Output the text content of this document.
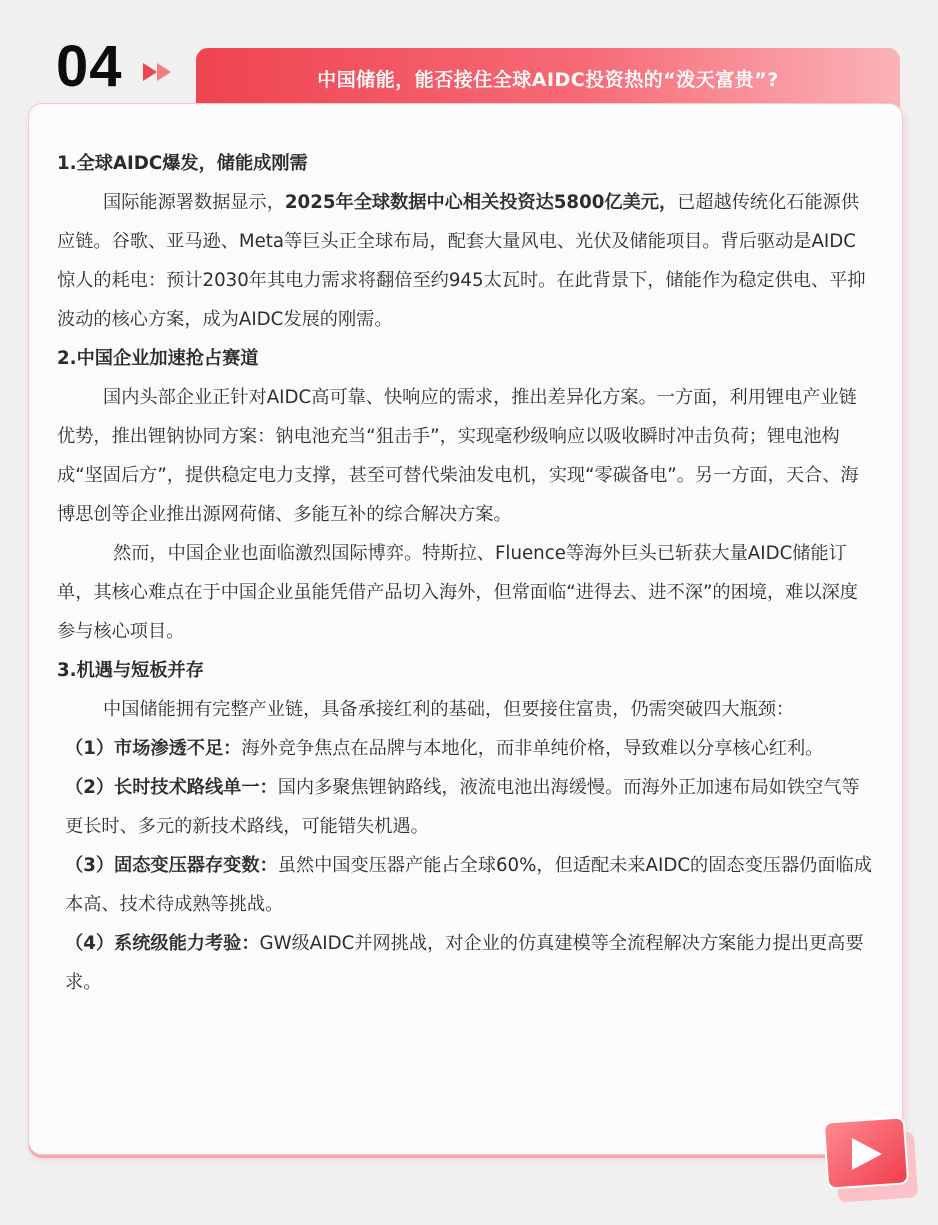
04	中国储能，能否接住全球AIDC投资热的“泼天富贵”?

1.全球AIDC爆发，储能成刚需

国际能源署数据显示，2025年全球数据中心相关投资达5800亿美元，已超越传统化石能源供应链。谷歌、亚马逊、Meta等巨头正全球布局，配套大量风电、光伏及储能项目。背后驱动是AIDC惊人的耗电：预计2030年其电力需求将翻倍至约945太瓦时。在此背景下，储能作为稳定供电、平抑波动的核心方案，成为AIDC发展的刚需。

2.中国企业加速抢占赛道

国内头部企业正针对AIDC高可靠、快响应的需求，推出差异化方案。一方面，利用锂电产业链优势，推出锂钠协同方案：钠电池充当“狙击手”，实现毫秒级响应以吸收瞬时冲击负荷；锂电池构成“坚固后方”，提供稳定电力支撑，甚至可替代柴油发电机，实现“零碳备电”。另一方面，天合、海博思创等企业推出源网荷储、多能互补的综合解决方案。

然而，中国企业也面临激烈国际博弈。特斯拉、Fluence等海外巨头已斩获大量AIDC储能订单，其核心难点在于中国企业虽能凭借产品切入海外，但常面临“进得去、进不深”的困境，难以深度参与核心项目。

3.机遇与短板并存

中国储能拥有完整产业链，具备承接红利的基础，但要接住富贵，仍需突破四大瓶颈：

（1）市场渗透不足：海外竞争焦点在品牌与本地化，而非单纯价格，导致难以分享核心红利。

（2）长时技术路线单一：国内多聚焦锂钠路线，液流电池出海缓慢。而海外正加速布局如铁空气等更长时、多元的新技术路线，可能错失机遇。

（3）固态变压器存变数：虽然中国变压器产能占全球60%，但适配未来AIDC的固态变压器仍面临成本高、技术待成熟等挑战。

（4）系统级能力考验：GW级AIDC并网挑战，对企业的仿真建模等全流程解决方案能力提出更高要求。
